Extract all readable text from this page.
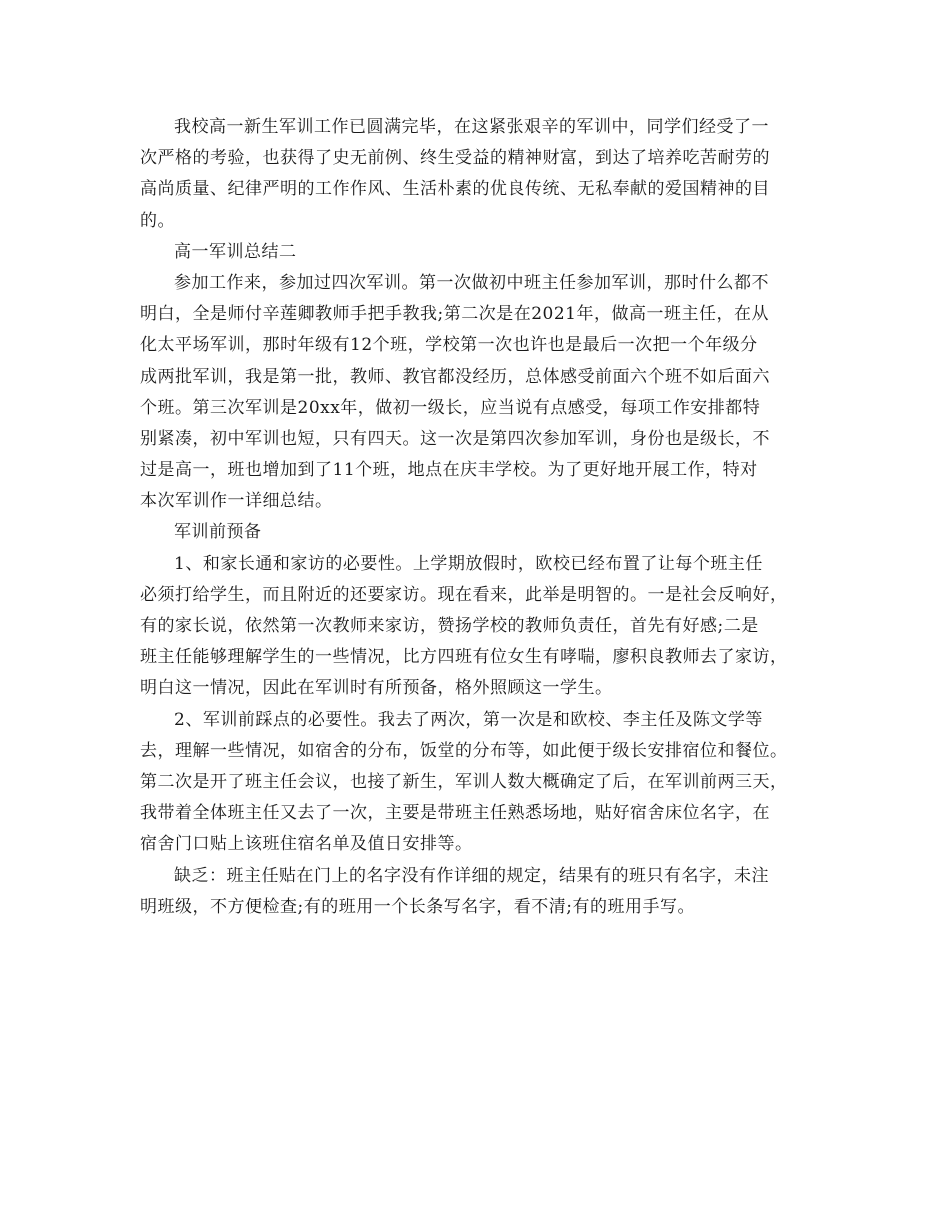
我校高一新生军训工作已圆满完毕，在这紧张艰辛的军训中，同学们经受了一
次严格的考验，也获得了史无前例、终生受益的精神财富，到达了培养吃苦耐劳的
高尚质量、纪律严明的工作作风、生活朴素的优良传统、无私奉献的爱国精神的目
的。
高一军训总结二
参加工作来，参加过四次军训。第一次做初中班主任参加军训，那时什么都不
明白，全是师付辛莲卿教师手把手教我;第二次是在2021年，做高一班主任，在从
化太平场军训，那时年级有12个班，学校第一次也许也是最后一次把一个年级分
成两批军训，我是第一批，教师、教官都没经历，总体感受前面六个班不如后面六
个班。第三次军训是20xx年，做初一级长，应当说有点感受，每项工作安排都特
别紧凑，初中军训也短，只有四天。这一次是第四次参加军训，身份也是级长，不
过是高一，班也增加到了11个班，地点在庆丰学校。为了更好地开展工作，特对
本次军训作一详细总结。
军训前预备
1、和家长通和家访的必要性。上学期放假时，欧校已经布置了让每个班主任
必须打给学生，而且附近的还要家访。现在看来，此举是明智的。一是社会反响好，
有的家长说，依然第一次教师来家访，赞扬学校的教师负责任，首先有好感;二是
班主任能够理解学生的一些情况，比方四班有位女生有哮喘，廖积良教师去了家访，
明白这一情况，因此在军训时有所预备，格外照顾这一学生。
2、军训前踩点的必要性。我去了两次，第一次是和欧校、李主任及陈文学等
去，理解一些情况，如宿舍的分布，饭堂的分布等，如此便于级长安排宿位和餐位。
第二次是开了班主任会议，也接了新生，军训人数大概确定了后，在军训前两三天，
我带着全体班主任又去了一次，主要是带班主任熟悉场地，贴好宿舍床位名字，在
宿舍门口贴上该班住宿名单及值日安排等。
缺乏：班主任贴在门上的名字没有作详细的规定，结果有的班只有名字，未注
明班级，不方便检查;有的班用一个长条写名字，看不清;有的班用手写。
